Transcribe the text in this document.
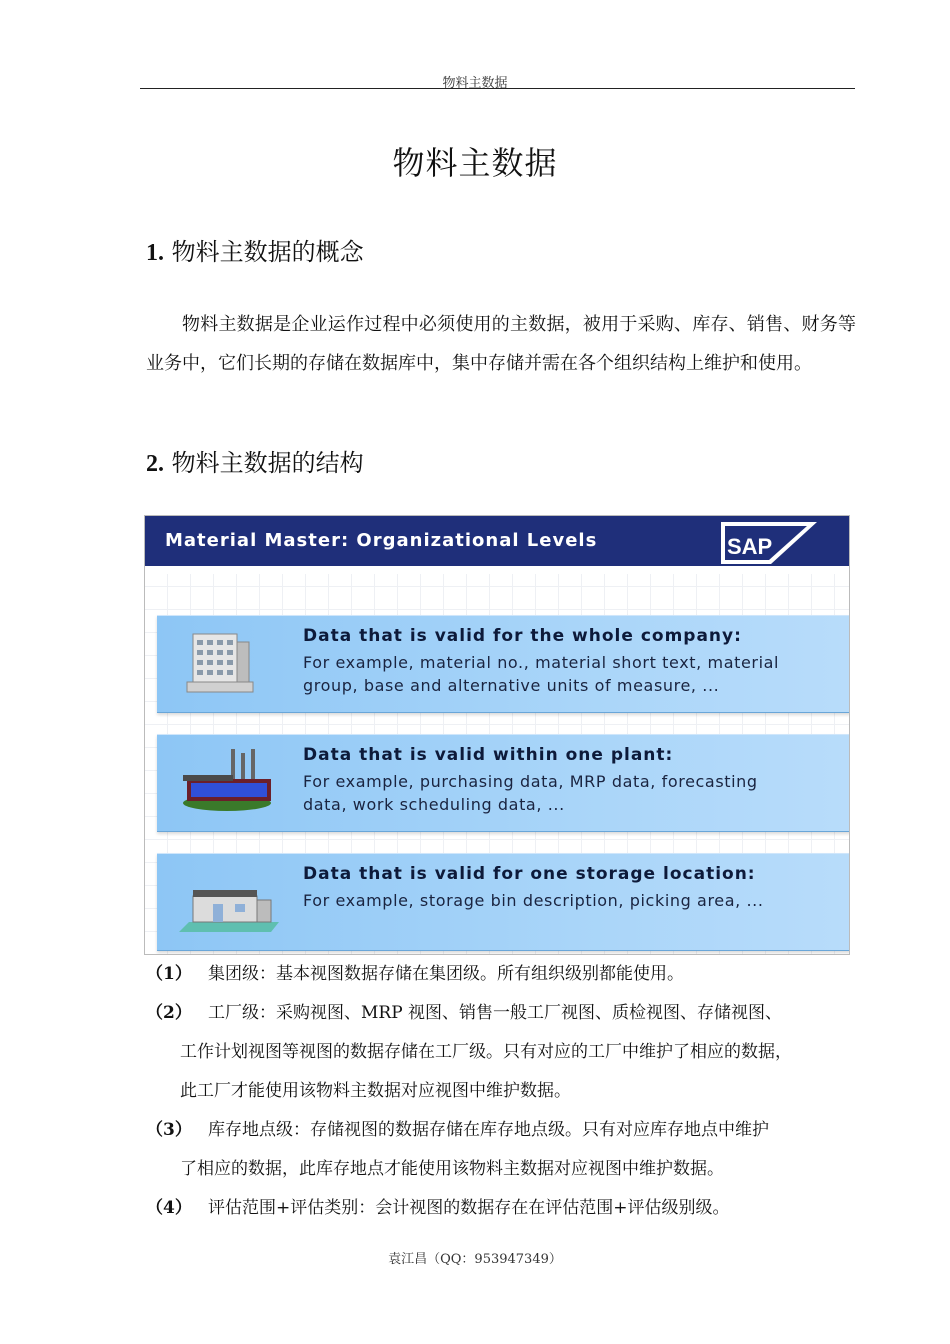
物料主数据
物料主数据
1. 物料主数据的概念
物料主数据是企业运作过程中必须使用的主数据，被用于采购、库存、销售、财务等业务中，它们长期的存储在数据库中，集中存储并需在各个组织结构上维护和使用。
2. 物料主数据的结构
Material Master: Organizational Levels	SAP
Data that is valid for the whole company:
For example, material no., material short text, material
group, base and alternative units of measure, ...
Data that is valid within one plant:
For example, purchasing data, MRP data, forecasting
data, work scheduling data, ...
Data that is valid for one storage location:
For example, storage bin description, picking area, ...
（1） 集团级：基本视图数据存储在集团级。所有组织级别都能使用。
（2） 工厂级：采购视图、MRP 视图、销售一般工厂视图、质检视图、存储视图、
工作计划视图等视图的数据存储在工厂级。只有对应的工厂中维护了相应的数据，
此工厂才能使用该物料主数据对应视图中维护数据。
（3） 库存地点级：存储视图的数据存储在库存地点级。只有对应库存地点中维护
了相应的数据，此库存地点才能使用该物料主数据对应视图中维护数据。
（4） 评估范围+评估类别：会计视图的数据存在在评估范围+评估级别级。
袁江昌（QQ：953947349）
